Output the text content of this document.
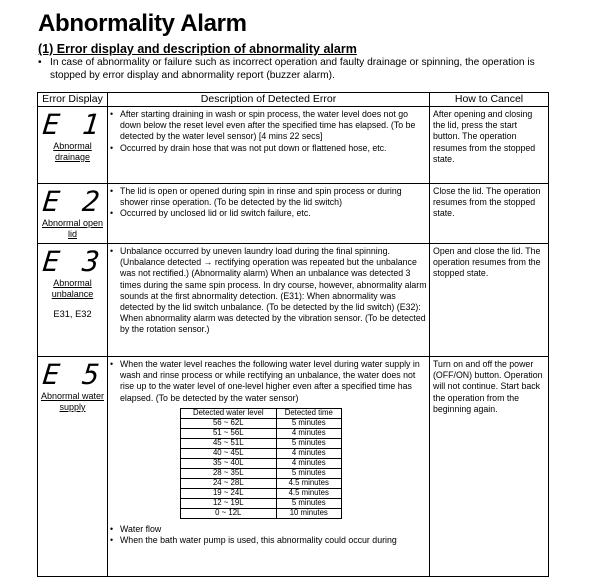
Abnormality Alarm
(1) Error display and description of abnormality alarm
• In case of abnormality or failure such as incorrect operation and faulty drainage or spinning, the operation is stopped by error display and abnormality report (buzzer alarm).
Error Display	Description of Detected Error	How to Cancel

E 1
Abnormal drainage

• After starting draining in wash or spin process, the water level does not go down below the reset level even after the specified time has elapsed. (To be detected by the water level sensor) [4 mins 22 secs]
• Occurred by drain hose that was not put down or flattened hose, etc.
	After opening and closing the lid, press the start button. The operation resumes from the stopped state.

E 2
Abnormal open lid

• The lid is open or opened during spin in rinse and spin process or during shower rinse operation. (To be detected by the lid switch)
• Occurred by unclosed lid or lid switch failure, etc.
	Close the lid. The operation resumes from the stopped state.

E 3
Abnormal unbalance
E31, E32

• Unbalance occurred by uneven laundry load during the final spinning. (Unbalance detected → rectifying operation was repeated but the unbalance was not rectified.) (Abnormality alarm) When an unbalance was detected 3 times during the same spin process. In dry course, however, abnormality alarm sounds at the first abnormality detection. (E31): When abnormality was detected by the lid switch unbalance. (To be detected by the lid switch) (E32): When abnormality alarm was detected by the vibration sensor. (To be detected by the rotation sensor.)
	Open and close the lid. The operation resumes from the stopped state.

E 5
Abnormal water supply

• When the water level reaches the following water level during water supply in wash and rinse process or while rectifying an unbalance, the water does not rise up to the water level of one-level higher even after a specified time has elapsed. (To be detected by the water sensor)
Detected water level	Detected time
56 ~ 62L	5 minutes
51 ~ 56L	4 minutes
45 ~ 51L	5 minutes
40 ~ 45L	4 minutes
35 ~ 40L	4 minutes
28 ~ 35L	5 minutes
24 ~ 28L	4.5 minutes
19 ~ 24L	4.5 minutes
12 ~ 19L	5 minutes
0 ~ 12L	10 minutes
• Water flow
• When the bath water pump is used, this abnormality could occur during
	Turn on and off the power (OFF/ON) button. Operation will not continue. Start back the operation from the beginning again.
